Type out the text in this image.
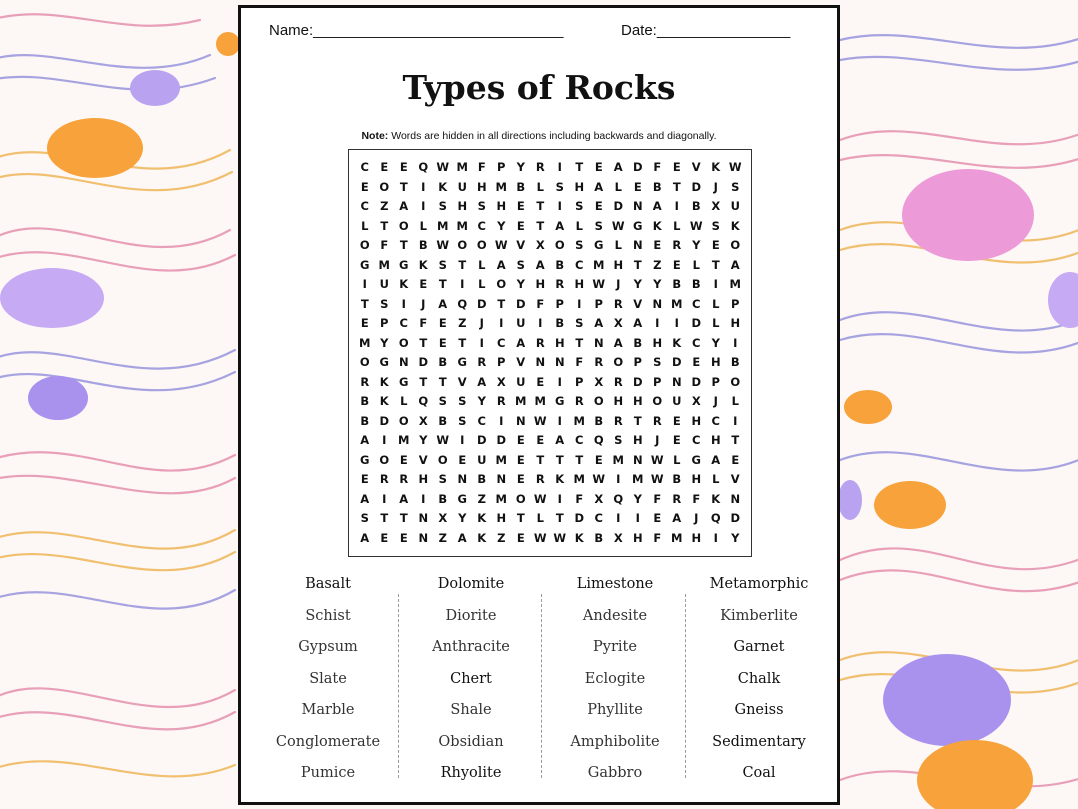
Name:______________________________	Date:________________
Types of Rocks
Note: Words are hidden in all directions including backwards and diagonally.
C E	E Q W M F P Y R	I	T	E A D F	E V K W
E O T	I	K U H M B L	S H A L	E B T D	J	S
C Z A	I	S H S H E	T	I	S E D N A	I	B X U
L	T O L M M C Y E	T A L	S W G K L W S K
O F	T B W O O W V X O S G L N E R Y E O
G M G K S T	L A S A B C M H T Z E	L	T A
I	U K E	T	I	L O Y H R H W J	Y Y B B	I	M
T S	I	J	A Q D T D F P	I	P R V N M C	L	P
E P C F	E Z	J	I	U	I	B S A X A	I	I	D L H
M Y O T	E	T	I	C A R H T N A B H K C Y	I
O G N D B G R P V N N F R O P S D E H B
R K G T	T V A X U E	I	P X R D P N D P O
B K L Q S S Y R M M G R O H H O U X	J	L
B D O X B S C	I	N W I	M B R T R E H C	I
A	I	M Y W I	D D E	E A C Q S H	J	E C H T
G O E V O E U M E	T	T	T	E M N W L G A E
E R R H S N B N E R K M W I	M W B H L V
A	I	A	I	B G Z M O W I	F X Q Y F R F K N
S T	T N X Y K H T	L	T D C	I	I	E A	J	Q D
A E	E N Z A K Z E W W K B X H F M H	I	Y
Basalt
Schist
Gypsum
Slate
Marble
Conglomerate
Pumice
Dolomite
Diorite
Anthracite
Chert
Shale
Obsidian
Rhyolite
Limestone
Andesite
Pyrite
Eclogite
Phyllite
Amphibolite
Gabbro
Metamorphic
Kimberlite
Garnet
Chalk
Gneiss
Sedimentary
Coal
